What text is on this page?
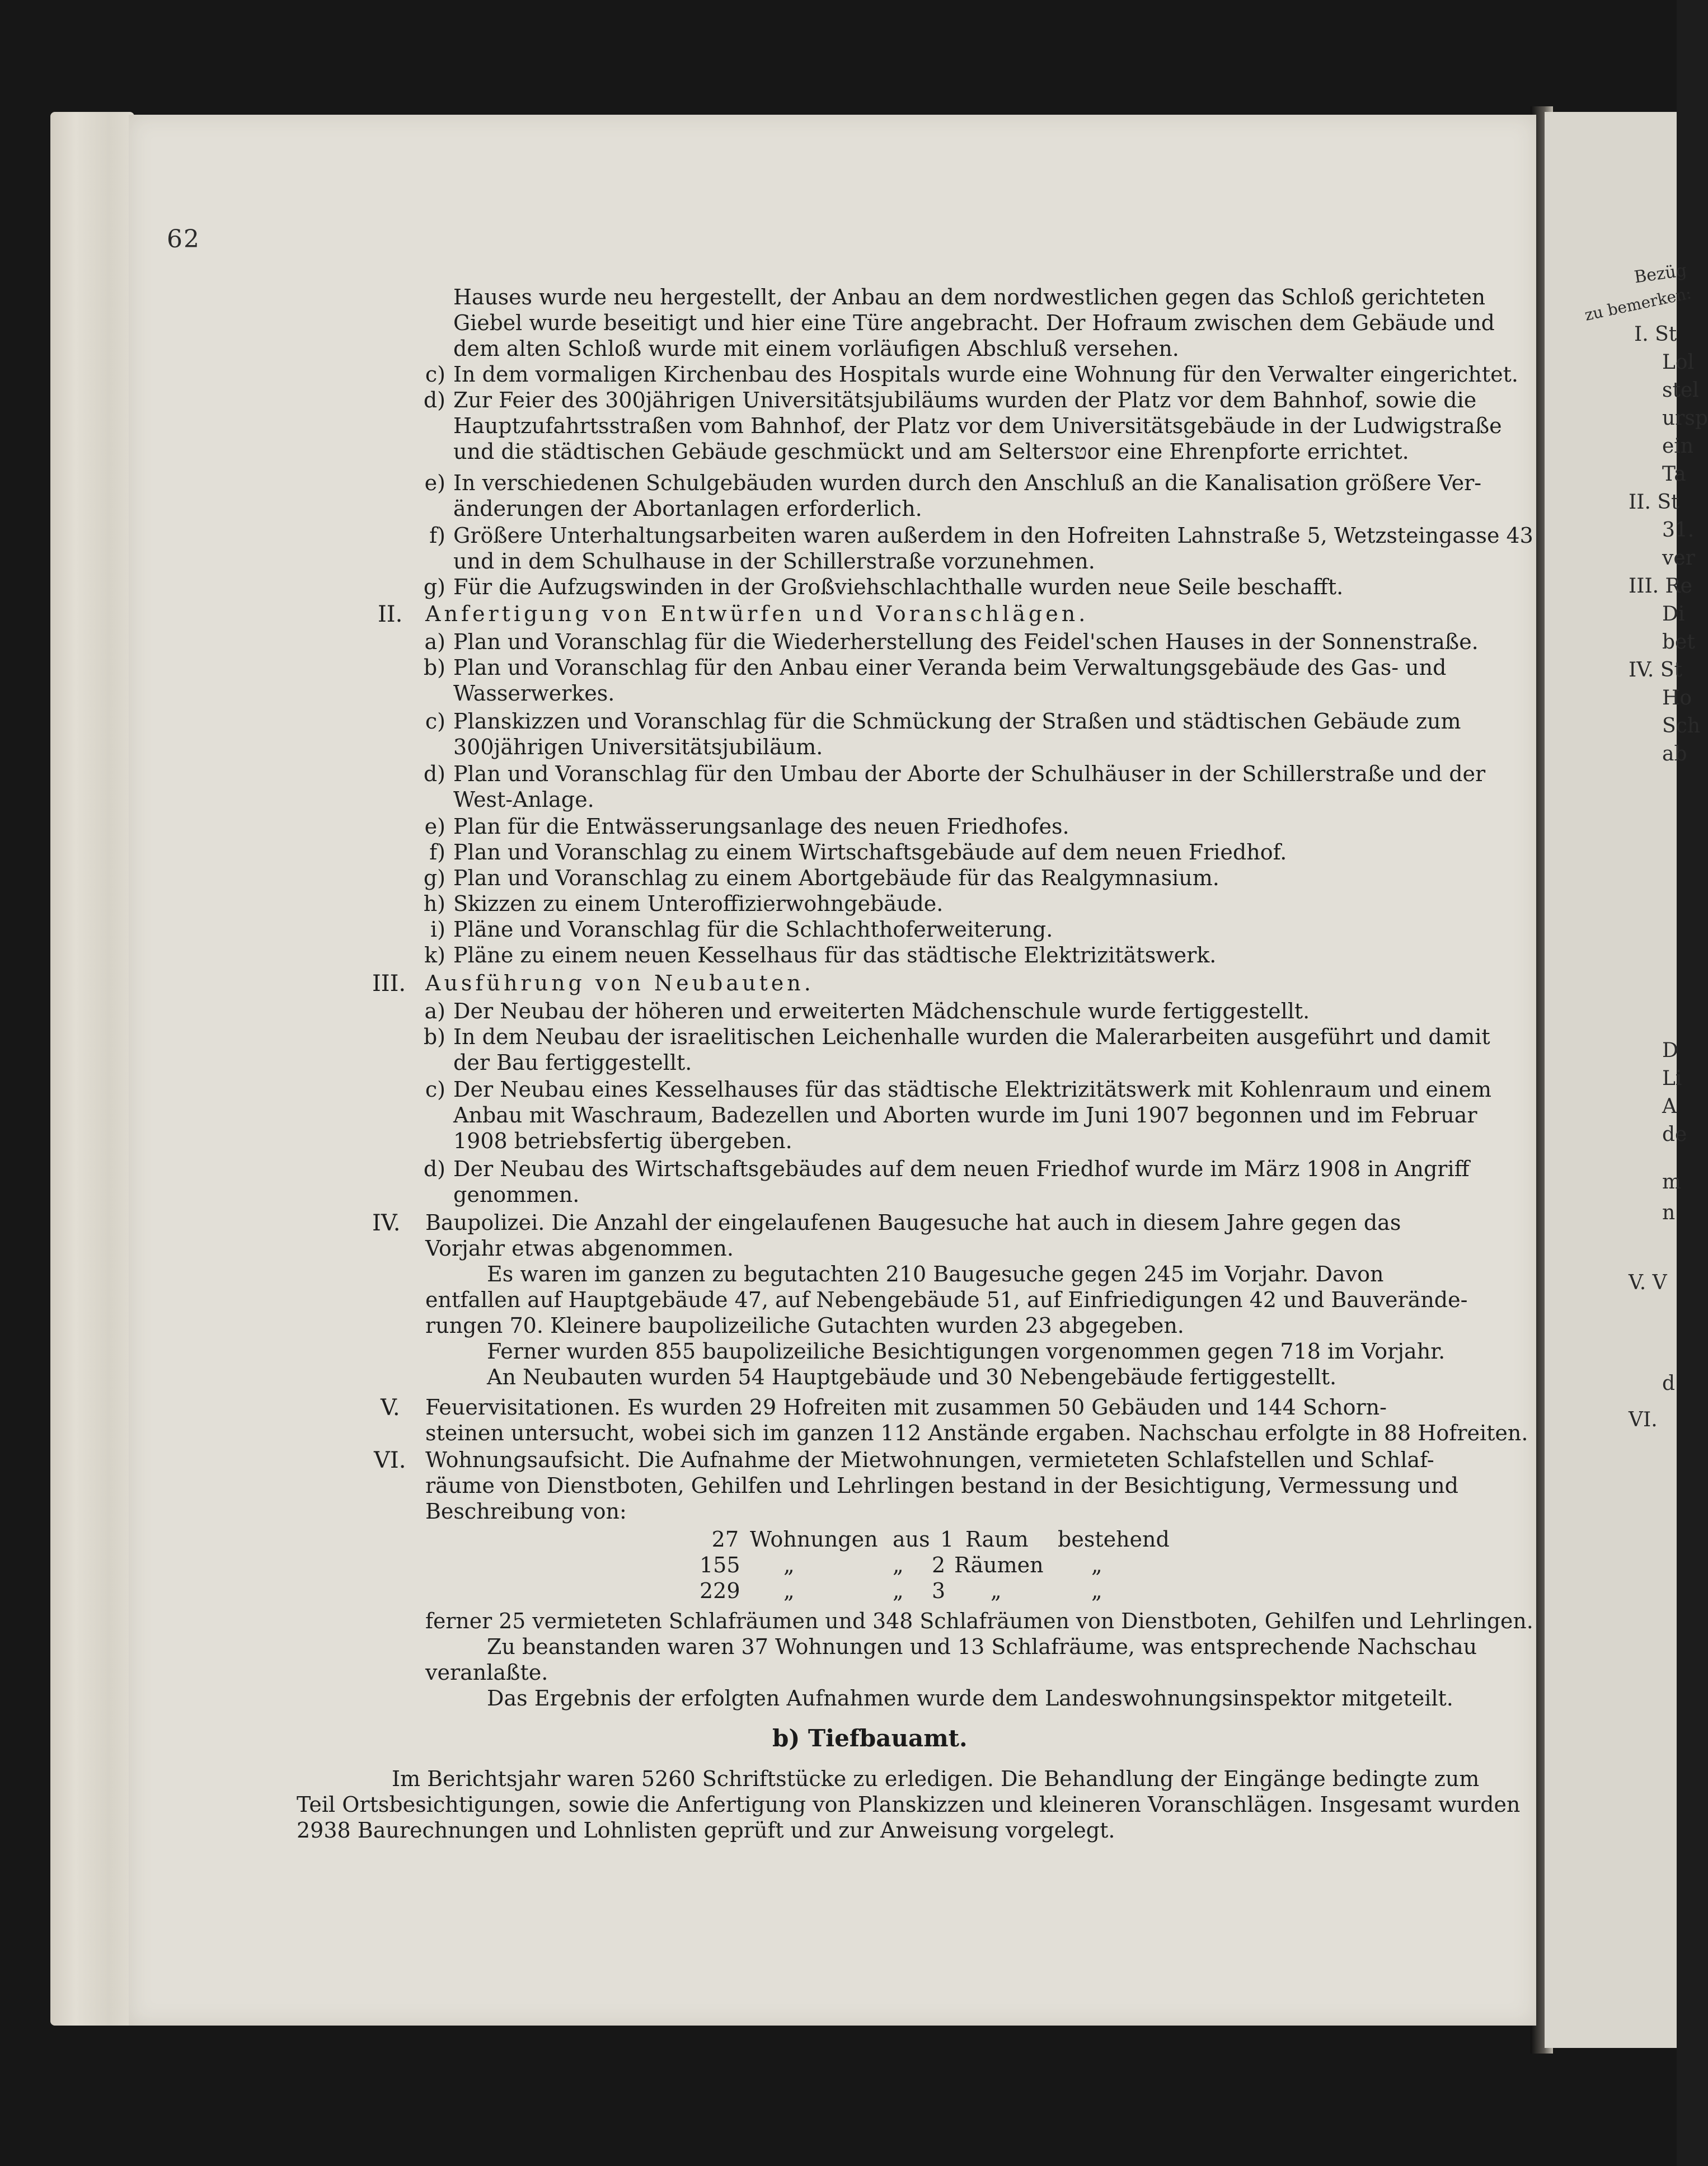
Bezüg
zu bemerken:
I. St
Lol
stel
ursp
ein
Ta
II. St
31.
ver
III. Re
Di
bet
IV. St
Ho
Sch
ab
D
Li
A
de
m
n
V. V
d
VI.
62
Hauses wurde neu hergestellt, der Anbau an dem nordwestlichen gegen das Schloß gerichteten
Giebel wurde beseitigt und hier eine Türe angebracht. Der Hofraum zwischen dem Gebäude und
dem alten Schloß wurde mit einem vorläufigen Abschluß versehen.
c) In dem vormaligen Kirchenbau des Hospitals wurde eine Wohnung für den Verwalter eingerichtet.
d) Zur Feier des 300jährigen Universitätsjubiläums wurden der Platz vor dem Bahnhof, sowie die
Hauptzufahrtsstraßen vom Bahnhof, der Platz vor dem Universitätsgebäude in der Ludwigstraße
und die städtischen Gebäude geschmückt und am Seltersטor eine Ehrenpforte errichtet.
e) In verschiedenen Schulgebäuden wurden durch den Anschluß an die Kanalisation größere Ver-
änderungen der Abortanlagen erforderlich.
f) Größere Unterhaltungsarbeiten waren außerdem in den Hofreiten Lahnstraße 5, Wetzsteingasse 43
und in dem Schulhause in der Schillerstraße vorzunehmen.
g) Für die Aufzugswinden in der Großviehschlachthalle wurden neue Seile beschafft.
II. Anfertigung von Entwürfen und Voranschlägen.
a) Plan und Voranschlag für die Wiederherstellung des Feidel'schen Hauses in der Sonnenstraße.
b) Plan und Voranschlag für den Anbau einer Veranda beim Verwaltungsgebäude des Gas- und
Wasserwerkes.
c) Planskizzen und Voranschlag für die Schmückung der Straßen und städtischen Gebäude zum
300jährigen Universitätsjubiläum.
d) Plan und Voranschlag für den Umbau der Aborte der Schulhäuser in der Schillerstraße und der
West-Anlage.
e) Plan für die Entwässerungsanlage des neuen Friedhofes.
f) Plan und Voranschlag zu einem Wirtschaftsgebäude auf dem neuen Friedhof.
g) Plan und Voranschlag zu einem Abortgebäude für das Realgymnasium.
h) Skizzen zu einem Unteroffizierwohngebäude.
i) Pläne und Voranschlag für die Schlachthoferweiterung.
k) Pläne zu einem neuen Kesselhaus für das städtische Elektrizitätswerk.
III. Ausführung von Neubauten.
a) Der Neubau der höheren und erweiterten Mädchenschule wurde fertiggestellt.
b) In dem Neubau der israelitischen Leichenhalle wurden die Malerarbeiten ausgeführt und damit
der Bau fertiggestellt.
c) Der Neubau eines Kesselhauses für das städtische Elektrizitätswerk mit Kohlenraum und einem
Anbau mit Waschraum, Badezellen und Aborten wurde im Juni 1907 begonnen und im Februar
1908 betriebsfertig übergeben.
d) Der Neubau des Wirtschaftsgebäudes auf dem neuen Friedhof wurde im März 1908 in Angriff
genommen.
IV. Baupolizei. Die Anzahl der eingelaufenen Baugesuche hat auch in diesem Jahre gegen das
Vorjahr etwas abgenommen.
Es waren im ganzen zu begutachten 210 Baugesuche gegen 245 im Vorjahr. Davon
entfallen auf Hauptgebäude 47, auf Nebengebäude 51, auf Einfriedigungen 42 und Bauverände-
rungen 70. Kleinere baupolizeiliche Gutachten wurden 23 abgegeben.
Ferner wurden 855 baupolizeiliche Besichtigungen vorgenommen gegen 718 im Vorjahr.
An Neubauten wurden 54 Hauptgebäude und 30 Nebengebäude fertiggestellt.
V. Feuervisitationen. Es wurden 29 Hofreiten mit zusammen 50 Gebäuden und 144 Schorn-
steinen untersucht, wobei sich im ganzen 112 Anstände ergaben. Nachschau erfolgte in 88 Hofreiten.
VI. Wohnungsaufsicht. Die Aufnahme der Mietwohnungen, vermieteten Schlafstellen und Schlaf-
räume von Dienstboten, Gehilfen und Lehrlingen bestand in der Besichtigung, Vermessung und
Beschreibung von:
27 Wohnungen aus 1 Raum bestehend
155 „	„ 2 Räumen „
229 „	„ 3 „	„
ferner 25 vermieteten Schlafräumen und 348 Schlafräumen von Dienstboten, Gehilfen und Lehrlingen.
Zu beanstanden waren 37 Wohnungen und 13 Schlafräume, was entsprechende Nachschau
veranlaßte.
Das Ergebnis der erfolgten Aufnahmen wurde dem Landeswohnungsinspektor mitgeteilt.
b) Tiefbauamt.
Im Berichtsjahr waren 5260 Schriftstücke zu erledigen. Die Behandlung der Eingänge bedingte zum
Teil Ortsbesichtigungen, sowie die Anfertigung von Planskizzen und kleineren Voranschlägen. Insgesamt wurden
2938 Baurechnungen und Lohnlisten geprüft und zur Anweisung vorgelegt.
